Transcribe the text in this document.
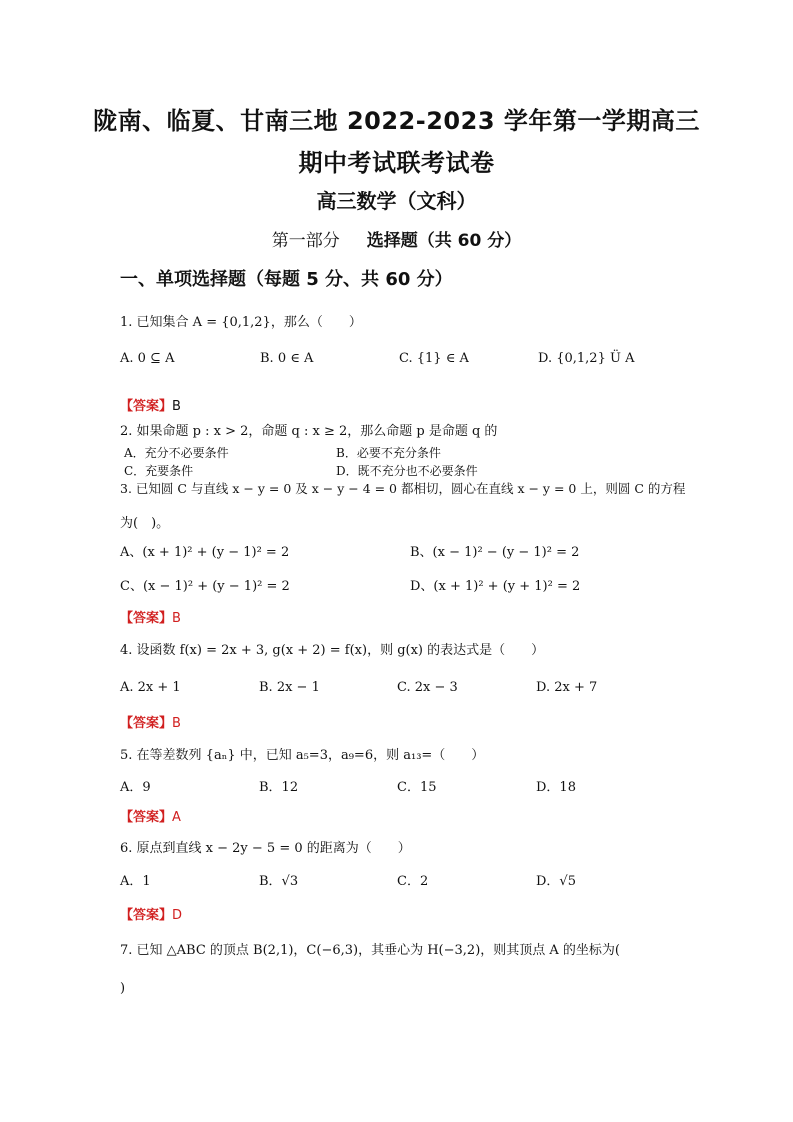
陇南、临夏、甘南三地 2022-2023 学年第一学期高三
期中考试联考试卷
高三数学（文科）
第一部分 选择题（共 60 分）
一、单项选择题（每题 5 分、共 60 分）
1. 已知集合 A = {0,1,2}，那么（　　）
A. 0 ⊆ A	B. 0 ∈ A	C. {1} ∈ A	D. {0,1,2} Ü A
【答案】B
2. 如果命题 p : x > 2，命题 q : x ≥ 2，那么命题 p 是命题 q 的
A．充分不必要条件	B．必要不充分条件
C．充要条件	D．既不充分也不必要条件
3. 已知圆 C 与直线 x − y = 0 及 x − y − 4 = 0 都相切，圆心在直线 x − y = 0 上，则圆 C 的方程
为(　)。
A、(x + 1)² + (y − 1)² = 2	B、(x − 1)² − (y − 1)² = 2
C、(x − 1)² + (y − 1)² = 2	D、(x + 1)² + (y + 1)² = 2
【答案】B
4. 设函数 f(x) = 2x + 3, g(x + 2) = f(x)，则 g(x) 的表达式是（　　）
A. 2x + 1	B. 2x − 1	C. 2x − 3	D. 2x + 7
【答案】B
5. 在等差数列 {aₙ} 中，已知 a₅=3，a₉=6，则 a₁₃=（　　）
A．9	B．12	C．15	D．18
【答案】A
6. 原点到直线 x − 2y − 5 = 0 的距离为（　　）
A．1	B．√3	C．2	D．√5
【答案】D
7. 已知 △ABC 的顶点 B(2,1)，C(−6,3)，其垂心为 H(−3,2)，则其顶点 A 的坐标为(
)
